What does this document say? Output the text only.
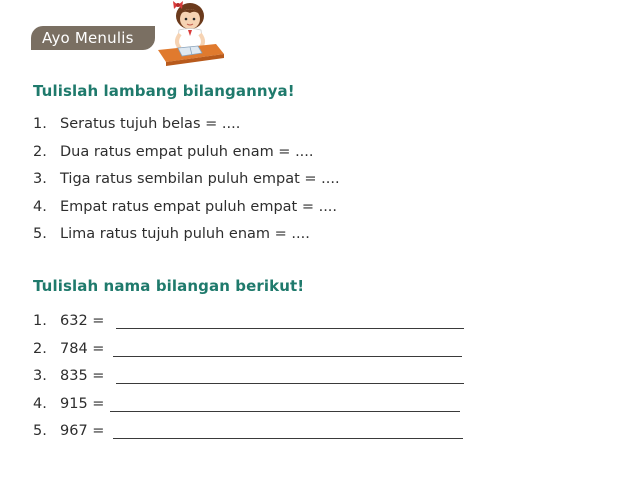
Ayo Menulis
Tulislah lambang bilangannya!
1. Seratus tujuh belas = ....
2. Dua ratus empat puluh enam = ....
3. Tiga ratus sembilan puluh empat = ....
4. Empat ratus empat puluh empat = ....
5. Lima ratus tujuh puluh enam = ....
Tulislah nama bilangan berikut!
1. 632 =
2. 784 =
3. 835 =
4. 915 =
5. 967 =
